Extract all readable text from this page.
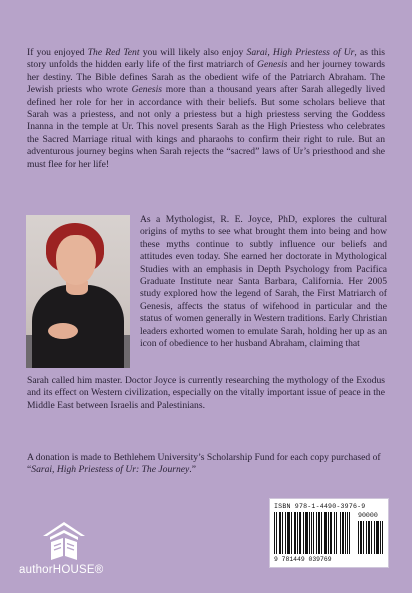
If you enjoyed The Red Tent you will likely also enjoy Sarai, High Priestess of Ur, as this story unfolds the hidden early life of the first matriarch of Genesis and her journey towards her destiny. The Bible defines Sarah as the obedient wife of the Patriarch Abraham. The Jewish priests who wrote Genesis more than a thousand years after Sarah allegedly lived defined her role for her in accordance with their beliefs. But some scholars believe that Sarah was a priestess, and not only a priestess but a high priestess serving the Goddess Inanna in the temple at Ur. This novel presents Sarah as the High Priestess who celebrates the Sacred Marriage ritual with kings and pharaohs to confirm their right to rule. But an adventurous journey begins when Sarah rejects the “sacred” laws of Ur’s priesthood and she must flee for her life!

As a Mythologist, R. E. Joyce, PhD, explores the cultural origins of myths to see what brought them into being and how these myths continue to subtly influence our beliefs and attitudes even today. She earned her doctorate in Mythological Studies with an emphasis in Depth Psychology from Pacifica Graduate Institute near Santa Barbara, California. Her 2005 study explored how the legend of Sarah, the First Matriarch of Genesis, affects the status of wifehood in particular and the status of women generally in Western traditions. Early Christian leaders exhorted women to emulate Sarah, holding her up as an icon of obedience to her husband Abraham, claiming that

Sarah called him master. Doctor Joyce is currently researching the mythology of the Exodus and its effect on Western civilization, especially on the vitally important issue of peace in the Middle East between Israelis and Palestinians.

A donation is made to Bethlehem University’s Scholarship Fund for each copy purchased of “Sarai, High Priestess of Ur: The Journey.”

authorHOUSE®
ISBN 978-1-4490-3976-9
90000
9 781449 039769
